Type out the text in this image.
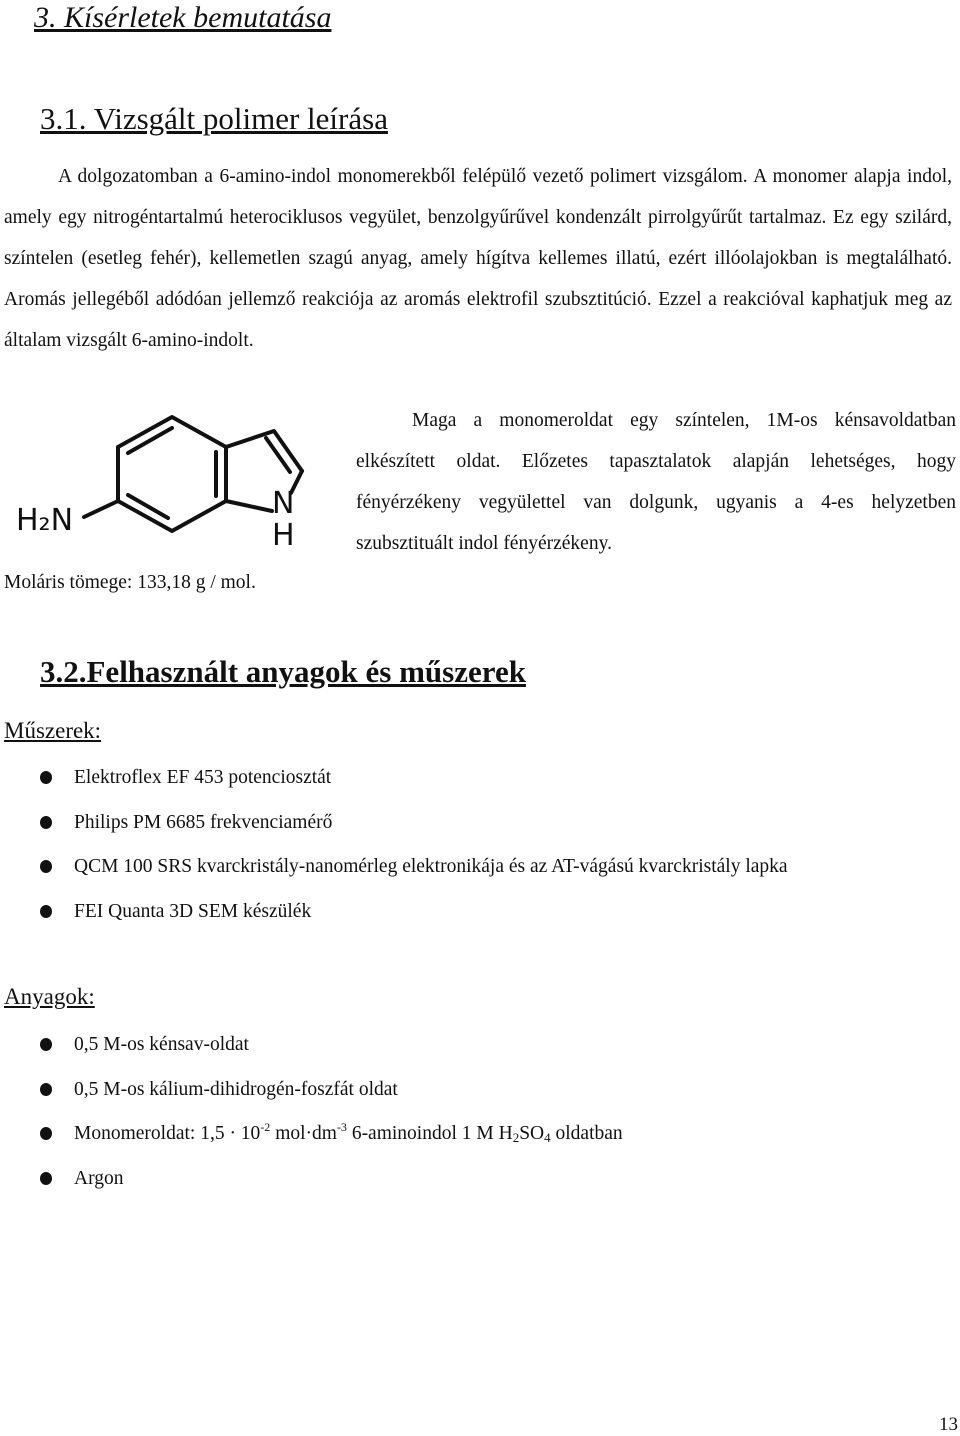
3. Kísérletek bemutatása
3.1. Vizsgált polimer leírása
A dolgozatomban a 6-amino-indol monomerekből felépülő vezető polimert vizsgálom. A monomer alapja indol, amely egy nitrogéntartalmú heterociklusos vegyület, benzolgyűrűvel kondenzált pirrolgyűrűt tartalmaz. Ez egy szilárd, színtelen (esetleg fehér), kellemetlen szagú anyag, amely hígítva kellemes illatú, ezért illóolajokban is megtalálható. Aromás jellegéből adódóan jellemző reakciója az aromás elektrofil szubsztitúció. Ezzel a reakcióval kaphatjuk meg az általam vizsgált 6-amino-indolt.
H₂N	N
H
Maga a monomeroldat egy színtelen, 1M-os kénsavoldatban elkészített oldat. Előzetes tapasztalatok alapján lehetséges, hogy fényérzékeny vegyülettel van dolgunk, ugyanis a 4-es helyzetben szubsztituált indol fényérzékeny.
Moláris tömege: 133,18 g / mol.
3.2.Felhasznált anyagok és műszerek
Műszerek:
Elektroflex EF 453 potenciosztát
Philips PM 6685 frekvenciamérő
QCM 100 SRS kvarckristály-nanomérleg elektronikája és az AT-vágású kvarckristály lapka
FEI Quanta 3D SEM készülék
Anyagok:
0,5 M-os kénsav-oldat
0,5 M-os kálium-dihidrogén-foszfát oldat
Monomeroldat: $1,5 \cdot 10^{-2}$ $mol\cdot dm^{-3}$ 6-aminoindol 1 M $H_2SO_4$ oldatban
Argon
13
